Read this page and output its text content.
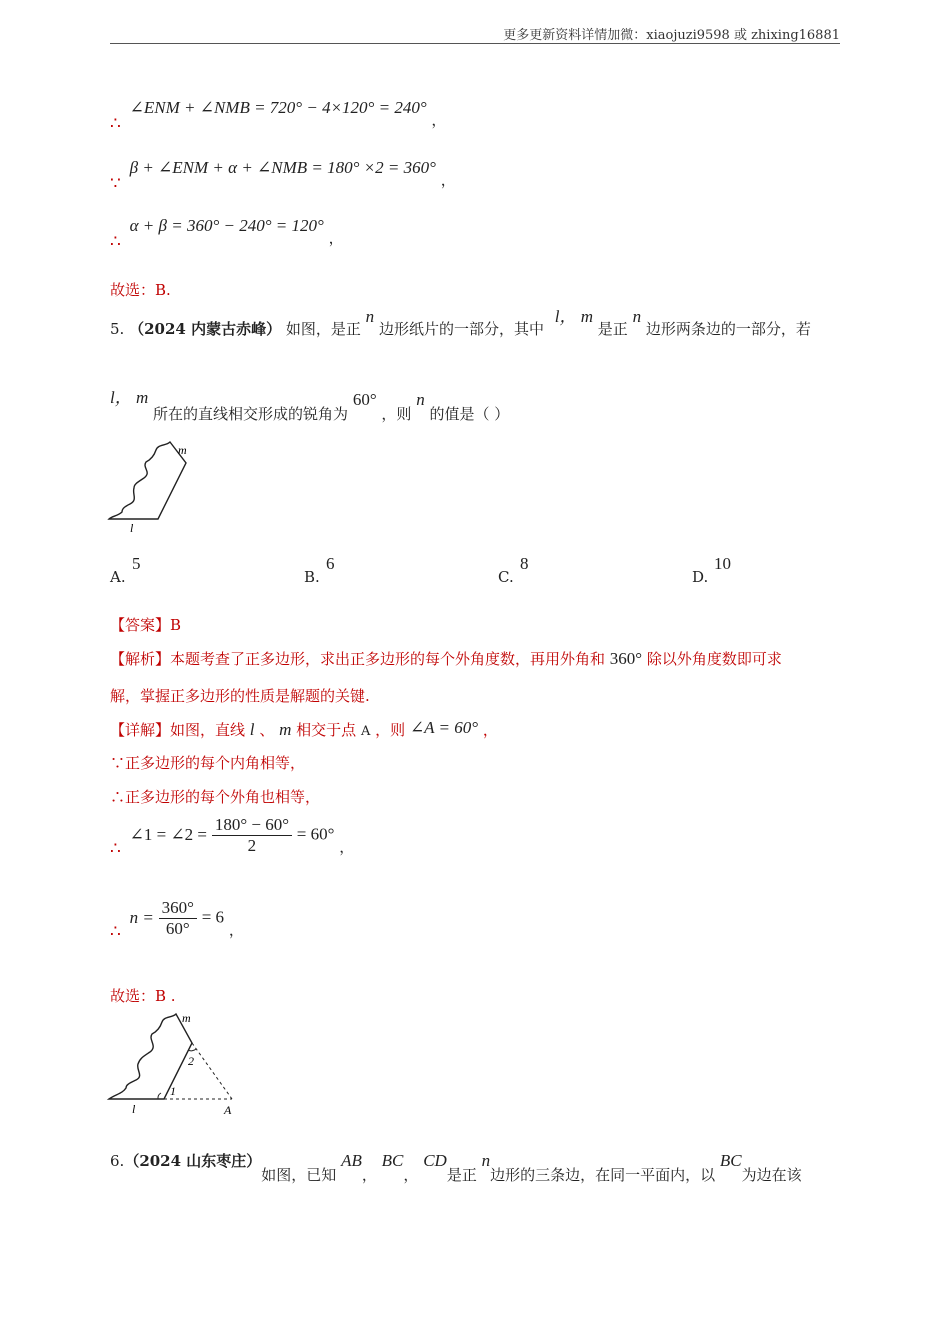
更多更新资料详情加微：xiaojuzi9598 或 zhixing16881
∴ ∠ENM + ∠NMB = 720° − 4×120° = 240° ，
∵ β + ∠ENM + α + ∠NMB = 180° ×2 = 360° ，
∴ α + β = 360° − 240° = 120° ，
故选：B.
5. （2024 内蒙古赤峰） 如图，是正 n 边形纸片的一部分，其中 l， m 是正 n 边形两条边的一部分，若
l， m 所在的直线相交形成的锐角为 60° ，则 n 的值是（ ）
m
l
A.
5
B.
6
C.
8
D.
10
【答案】B
【解析】本题考查了正多边形，求出正多边形的每个外角度数，再用外角和 360° 除以外角度数即可求
解，掌握正多边形的性质是解题的关键.
【详解】如图，直线 l 、 m 相交于点 A ，则 ∠A = 60° ，
∵正多边形的每个内角相等，
∴正多边形的每个外角也相等，
∴ ∠1 = ∠2 = $\frac{180^\circ - 60^\circ}{2} = 60^\circ$ ，
∴ $n = \frac{360^\circ}{60^\circ} = 6$ ，
故选：B .
m
2
1
l	A
6.（2024 山东枣庄）如图，已知 AB， BC， CD是正 n边形的三条边，在同一平面内，以 BC为边在该
